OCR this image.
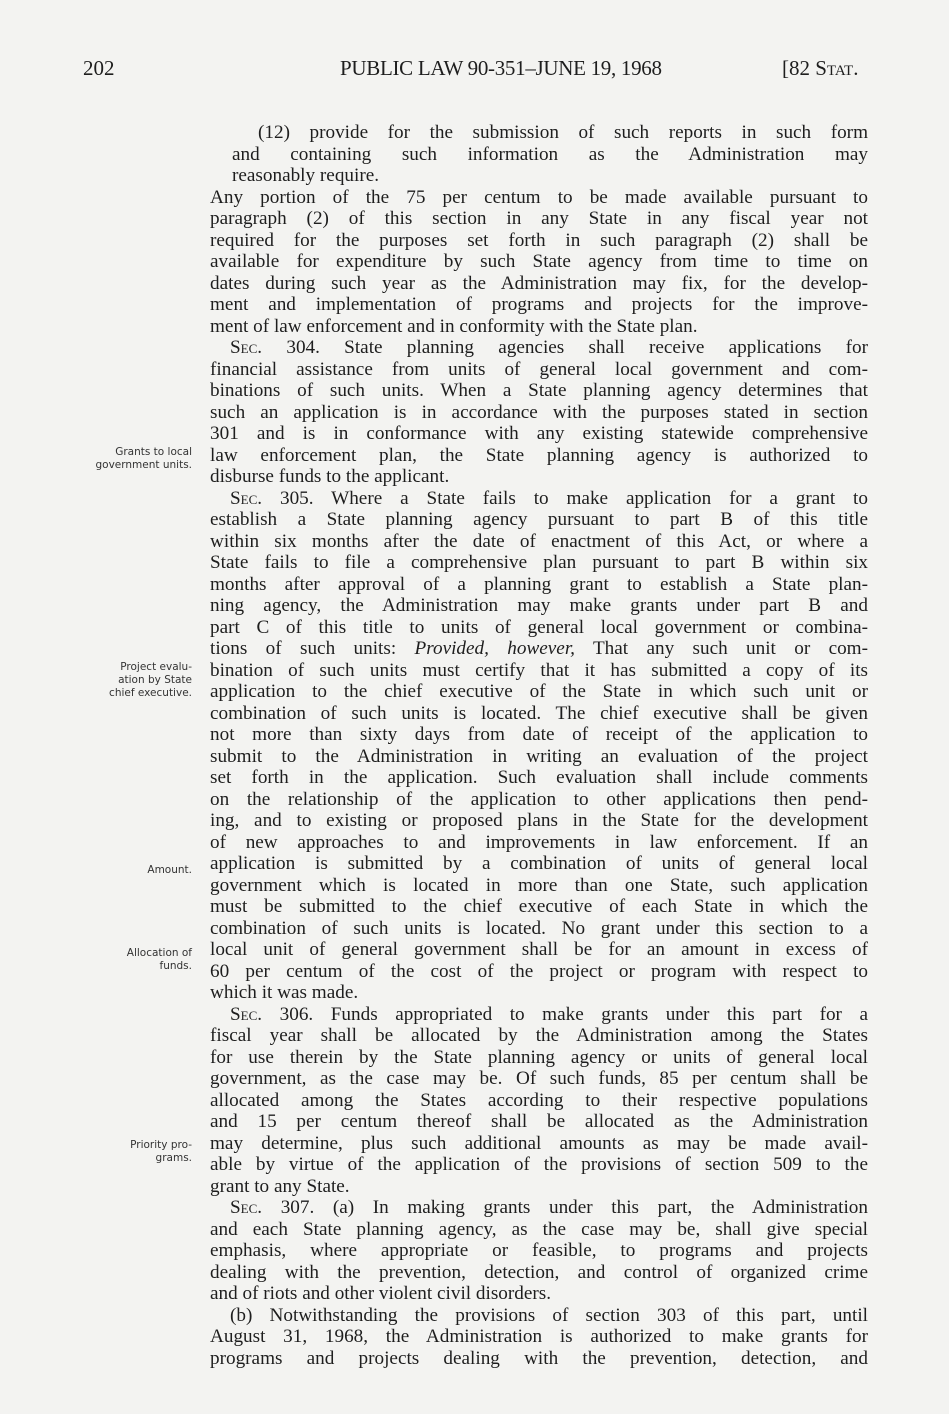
202	PUBLIC LAW 90-351–JUNE 19, 1968	[82 Stat.
Grants to local
government units.
Project evalu-
ation by State
chief executive.
Amount.
Allocation of
funds.
Priority pro-
grams.
(12) provide for the submission of such reports in such form
and containing such information as the Administration may
reasonably require.
Any portion of the 75 per centum to be made available pursuant to
paragraph (2) of this section in any State in any fiscal year not
required for the purposes set forth in such paragraph (2) shall be
available for expenditure by such State agency from time to time on
dates during such year as the Administration may fix, for the develop-
ment and implementation of programs and projects for the improve-
ment of law enforcement and in conformity with the State plan.
Sec. 304. State planning agencies shall receive applications for
financial assistance from units of general local government and com-
binations of such units. When a State planning agency determines that
such an application is in accordance with the purposes stated in section
301 and is in conformance with any existing statewide comprehensive
law enforcement plan, the State planning agency is authorized to
disburse funds to the applicant.
Sec. 305. Where a State fails to make application for a grant to
establish a State planning agency pursuant to part B of this title
within six months after the date of enactment of this Act, or where a
State fails to file a comprehensive plan pursuant to part B within six
months after approval of a planning grant to establish a State plan-
ning agency, the Administration may make grants under part B and
part C of this title to units of general local government or combina-
tions of such units: Provided, however, That any such unit or com-
bination of such units must certify that it has submitted a copy of its
application to the chief executive of the State in which such unit or
combination of such units is located. The chief executive shall be given
not more than sixty days from date of receipt of the application to
submit to the Administration in writing an evaluation of the project
set forth in the application. Such evaluation shall include comments
on the relationship of the application to other applications then pend-
ing, and to existing or proposed plans in the State for the development
of new approaches to and improvements in law enforcement. If an
application is submitted by a combination of units of general local
government which is located in more than one State, such application
must be submitted to the chief executive of each State in which the
combination of such units is located. No grant under this section to a
local unit of general government shall be for an amount in excess of
60 per centum of the cost of the project or program with respect to
which it was made.
Sec. 306. Funds appropriated to make grants under this part for a
fiscal year shall be allocated by the Administration among the States
for use therein by the State planning agency or units of general local
government, as the case may be. Of such funds, 85 per centum shall be
allocated among the States according to their respective populations
and 15 per centum thereof shall be allocated as the Administration
may determine, plus such additional amounts as may be made avail-
able by virtue of the application of the provisions of section 509 to the
grant to any State.
Sec. 307. (a) In making grants under this part, the Administration
and each State planning agency, as the case may be, shall give special
emphasis, where appropriate or feasible, to programs and projects
dealing with the prevention, detection, and control of organized crime
and of riots and other violent civil disorders.
(b) Notwithstanding the provisions of section 303 of this part, until
August 31, 1968, the Administration is authorized to make grants for
programs and projects dealing with the prevention, detection, and
